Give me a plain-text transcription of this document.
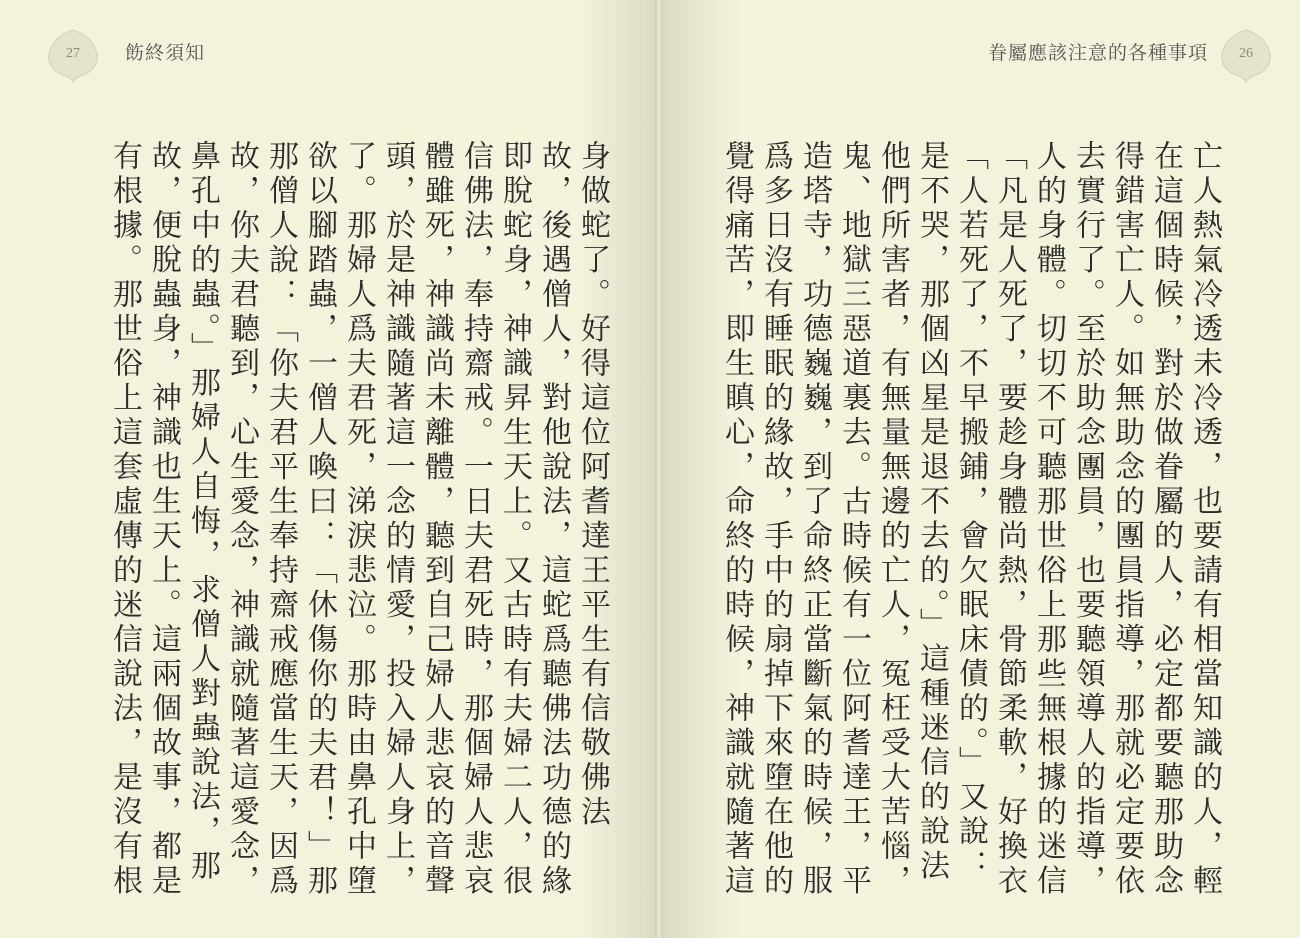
眷屬應該注意的各種事項	26
亡人熱氣冷透未冷透，也要請有相當知識的人，輕
在這個時候，對於做眷屬的人，必定都要聽那助念
得錯害亡人。如無助念的團員指導，那就必定要依
去實行了。至於助念團員，也要聽領導人的指導，
人的身體。切切不可聽那世俗上那些無根據的迷信
「凡是人死了，要趁身體尚熱，骨節柔軟，好換衣
「人若死了，不早搬鋪，會欠眠床債的。」又說：
是不哭，那個凶星是退不去的。」這種迷信的說法
他們所害者，有無量無邊的亡人，冤枉受大苦惱，
鬼、地獄三惡道裏去。古時候有一位阿耆達王，平
造塔寺，功德巍巍，到了命終正當斷氣的時候，服
爲多日沒有睡眠的緣故，手中的扇掉下來墮在他的
覺得痛苦，即生瞋心，命終的時候，神識就隨著這
27	飭終須知
身做蛇了。好得這位阿耆達王平生有信敬佛法
故，後遇僧人，對他說法，這蛇爲聽佛法功德的緣
即脫蛇身，神識昇生天上。又古時有夫婦二人，很
信佛法，奉持齋戒。一日夫君死時，那個婦人悲哀
體雖死，神識尚未離體，聽到自己婦人悲哀的音聲
頭，於是神識隨著這一念的情愛，投入婦人身上，
了。那婦人爲夫君死，涕淚悲泣。那時由鼻孔中墮
欲以腳踏蟲，一僧人喚曰：「休傷你的夫君！」那
那僧人說：「你夫君平生奉持齋戒應當生天，因爲
故，你夫君聽到，心生愛念，神識就隨著這愛念，
鼻孔中的蟲。」那婦人自悔，求僧人對蟲說法，那
故，便脫蟲身，神識也生天上。這兩個故事，都是
有根據。那世俗上這套虛傳的迷信說法，是沒有根
